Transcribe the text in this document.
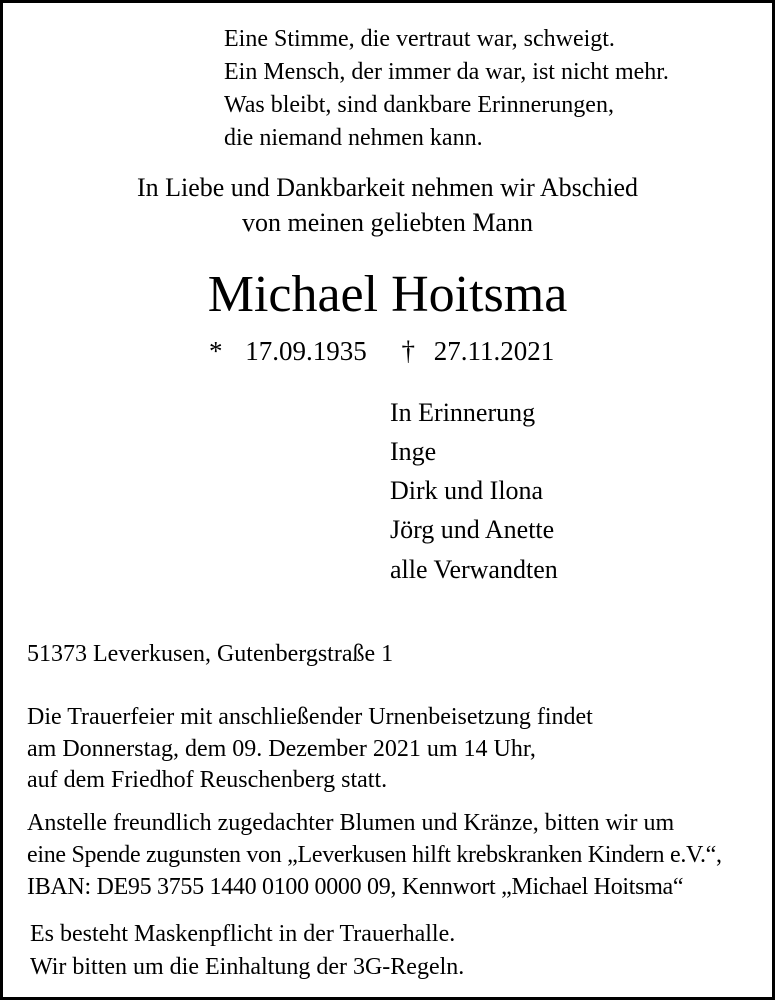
Eine Stimme, die vertraut war, schweigt.
Ein Mensch, der immer da war, ist nicht mehr.
Was bleibt, sind dankbare Erinnerungen,
die niemand nehmen kann.
In Liebe und Dankbarkeit nehmen wir Abschied
von meinen geliebten Mann
Michael Hoitsma
* 17.09.1935 † 27.11.2021
In Erinnerung
Inge
Dirk und Ilona
Jörg und Anette
alle Verwandten
51373 Leverkusen, Gutenbergstraße 1
Die Trauerfeier mit anschließender Urnenbeisetzung findet
am Donnerstag, dem 09. Dezember 2021 um 14 Uhr,
auf dem Friedhof Reuschenberg statt.
Anstelle freundlich zugedachter Blumen und Kränze, bitten wir um
eine Spende zugunsten von „Leverkusen hilft krebskranken Kindern e.V.“,
IBAN: DE95 3755 1440 0100 0000 09, Kennwort „Michael Hoitsma“
Es besteht Maskenpflicht in der Trauerhalle.
Wir bitten um die Einhaltung der 3G-Regeln.
